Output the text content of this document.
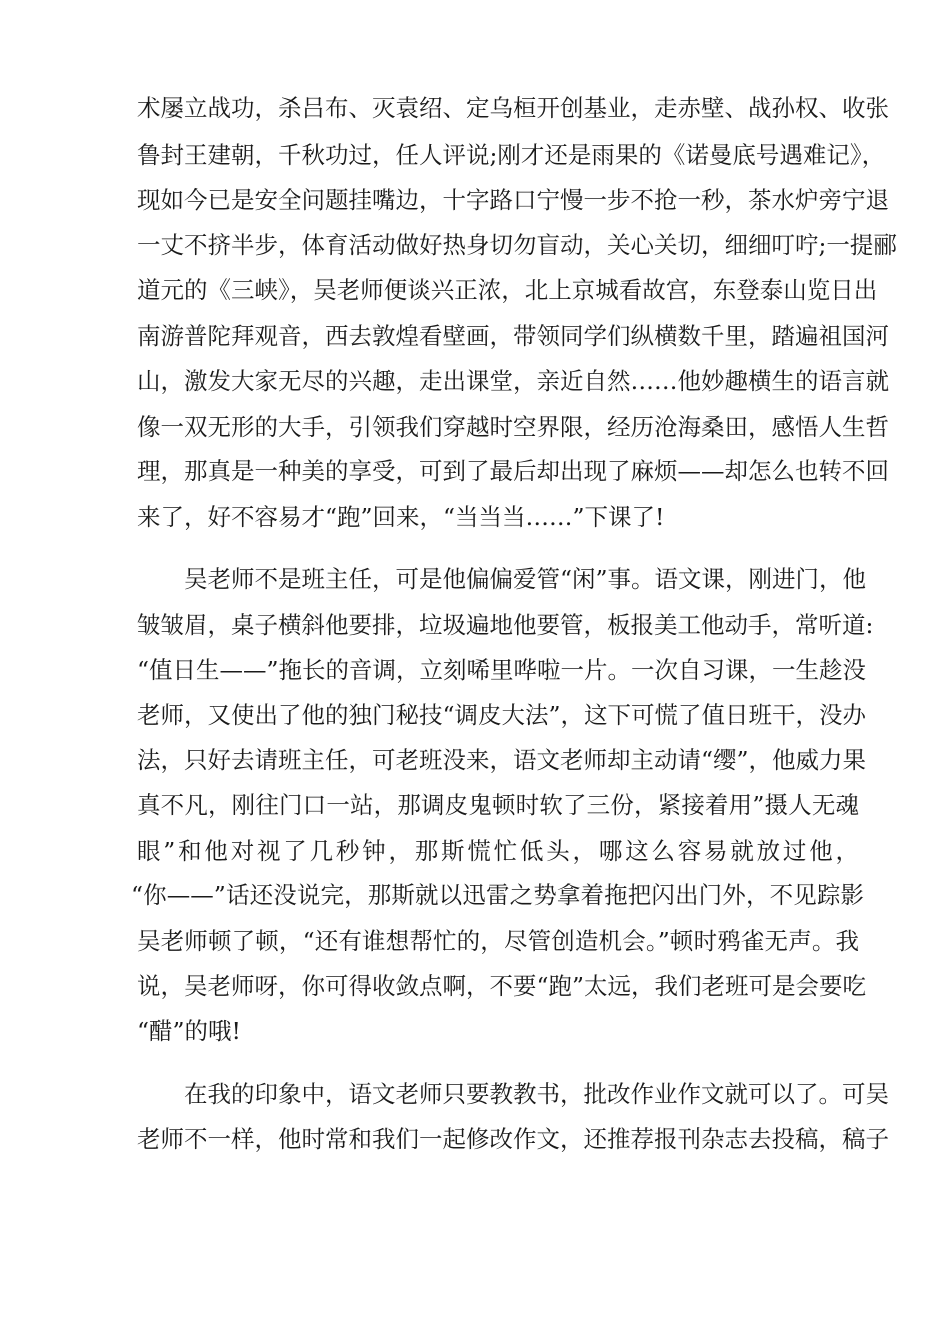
术屡立战功，杀吕布、灭袁绍、定乌桓开创基业，走赤壁、战孙权、收张
鲁封王建朝，千秋功过，任人评说;刚才还是雨果的《诺曼底号遇难记》，
现如今已是安全问题挂嘴边，十字路口宁慢一步不抢一秒，茶水炉旁宁退
一丈不挤半步，体育活动做好热身切勿盲动，关心关切，细细叮咛;一提郦
道元的《三峡》，吴老师便谈兴正浓，北上京城看故宫，东登泰山览日出
南游普陀拜观音，西去敦煌看壁画，带领同学们纵横数千里，踏遍祖国河
山，激发大家无尽的兴趣，走出课堂，亲近自然……他妙趣横生的语言就
像一双无形的大手，引领我们穿越时空界限，经历沧海桑田，感悟人生哲
理，那真是一种美的享受，可到了最后却出现了麻烦——却怎么也转不回
来了，好不容易才“跑”回来，“当当当……”下课了!
吴老师不是班主任，可是他偏偏爱管“闲”事。语文课，刚进门，他
皱皱眉，桌子横斜他要排，垃圾遍地他要管，板报美工他动手，常听道:
“值日生——”拖长的音调，立刻唏里哗啦一片。一次自习课，一生趁没
老师，又使出了他的独门秘技“调皮大法”，这下可慌了值日班干，没办
法，只好去请班主任，可老班没来，语文老师却主动请“缨”，他威力果
真不凡，刚往门口一站，那调皮鬼顿时软了三份，紧接着用”摄人无魂
眼”和他对视了几秒钟，那斯慌忙低头，哪这么容易就放过他，
“你——”话还没说完，那斯就以迅雷之势拿着拖把闪出门外，不见踪影
吴老师顿了顿，“还有谁想帮忙的，尽管创造机会。”顿时鸦雀无声。我
说，吴老师呀，你可得收敛点啊，不要“跑”太远，我们老班可是会要吃
“醋”的哦!
在我的印象中，语文老师只要教教书，批改作业作文就可以了。可吴
老师不一样，他时常和我们一起修改作文，还推荐报刊杂志去投稿，稿子
